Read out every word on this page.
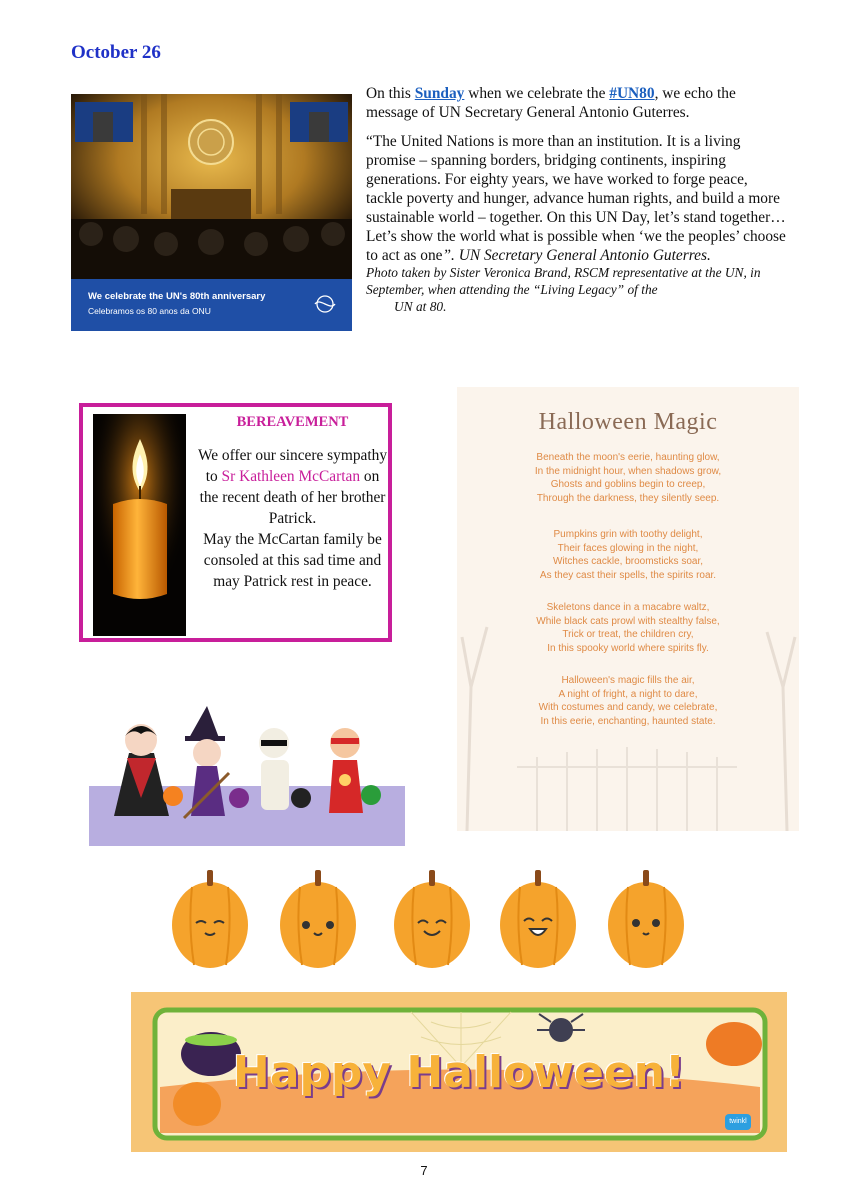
October 26
We celebrate the UN's 80th anniversary
Celebramos os 80 anos da ONU

On this Sunday when we celebrate the #UN80, we echo the message of UN Secretary General Antonio Guterres.

“The United Nations is more than an institution. It is a living promise – spanning borders, bridging continents, inspiring generations. For eighty years, we have worked to forge peace, tackle poverty and hunger, advance human rights, and build a more sustainable world – together. On this UN Day, let’s stand together… Let’s show the world what is possible when ‘we the peoples’ choose to act as one”. UN Secretary General Antonio Guterres.

Photo taken by Sister Veronica Brand, RSCM representative at the UN, in September, when attending the “Living Legacy” of the
UN at 80.
BEREAVEMENT
We offer our sincere sympathy to Sr Kathleen McCartan on the recent death of her brother Patrick.
May the McCartan family be consoled at this sad time and may Patrick rest in peace.
Halloween Magic
Beneath the moon's eerie, haunting glow,
In the midnight hour, when shadows grow,
Ghosts and goblins begin to creep,
Through the darkness, they silently seep.
Pumpkins grin with toothy delight,
Their faces glowing in the night,
Witches cackle, broomsticks soar,
As they cast their spells, the spirits roar.
Skeletons dance in a macabre waltz,
While black cats prowl with stealthy false,
Trick or treat, the children cry,
In this spooky world where spirits fly.
Halloween's magic fills the air,
A night of fright, a night to dare,
With costumes and candy, we celebrate,
In this eerie, enchanting, haunted state.
Happy Halloween!
twinkl
7
